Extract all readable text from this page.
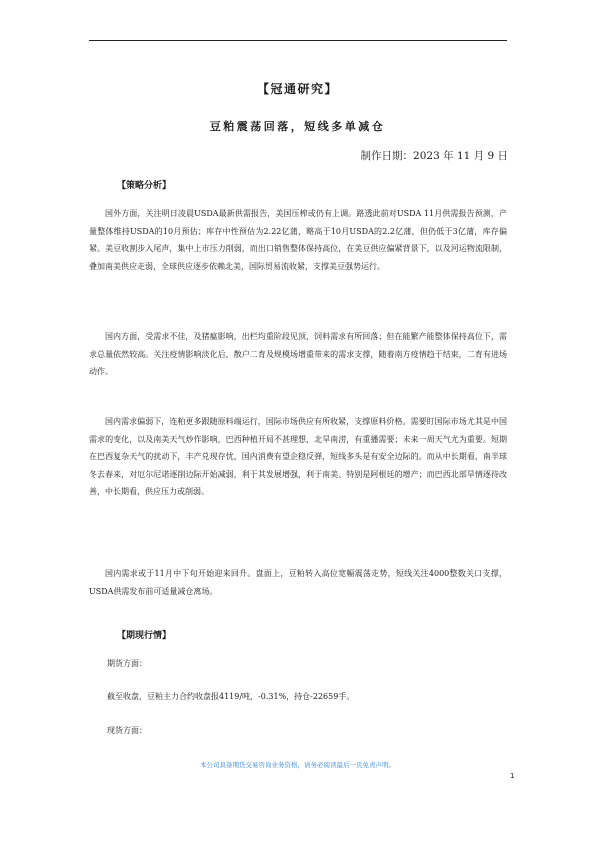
【冠通研究】
豆粕震荡回落，短线多单减仓
制作日期：2023 年 11 月 9 日
【策略分析】

国外方面，关注明日凌晨USDA最新供需报告，美国压榨或仍有上调。路透此前对USDA 11月供需报告预测，产量整体维持USDA的10月预估；库存中性预估为2.22亿蒲，略高于10月USDA的2.2亿蒲，但仍低于3亿蒲，库存偏紧。美豆收割步入尾声，集中上市压力削弱，而出口销售整体保持高位，在美豆供应偏紧背景下，以及河运物流限制，叠加南美供应走弱，全球供应逐步依赖北美，国际贸易流收紧，支撑美豆强势运行。

国内方面，受需求不佳，及猪瘟影响，出栏均重阶段见顶，饲料需求有所回落；但在能繁产能整体保持高位下，需求总量依然较高。关注疫情影响淡化后，散户二育及规模场增重带来的需求支撑，随着南方疫情趋于结束，二育有进场动作。

国内需求偏弱下，连粕更多跟随原料端运行，国际市场供应有所收紧，支撑原料价格。需要盯国际市场尤其是中国需求的变化，以及南美天气炒作影响，巴西种植开局不甚理想，北旱南涝，有重播需要；未来一周天气尤为重要。短期在巴西复杂天气的扰动下，丰产兑现存忧，国内消费有望企稳反弹，短线多头是有安全边际的。而从中长期看，南半球冬去春来，对厄尔尼诺逐削边际开始减弱，利于其发展增强，利于南美、特别是阿根廷的增产；而巴西北部旱情逐待改善，中长期看，供应压力或削弱。

国内需求或于11月中下旬开始迎来回升。盘面上，豆粕转入高位宽幅震荡走势，短线关注4000整数关口支撑，USDA供需发布前可适量减仓离场。

【期现行情】

期货方面：

截至收盘，豆粕主力合约收盘报4119/吨，-0.31%，持仓-22659手。

现货方面：

本公司具备期货交易咨询业务资格，请务必阅读最后一页免责声明。
1
